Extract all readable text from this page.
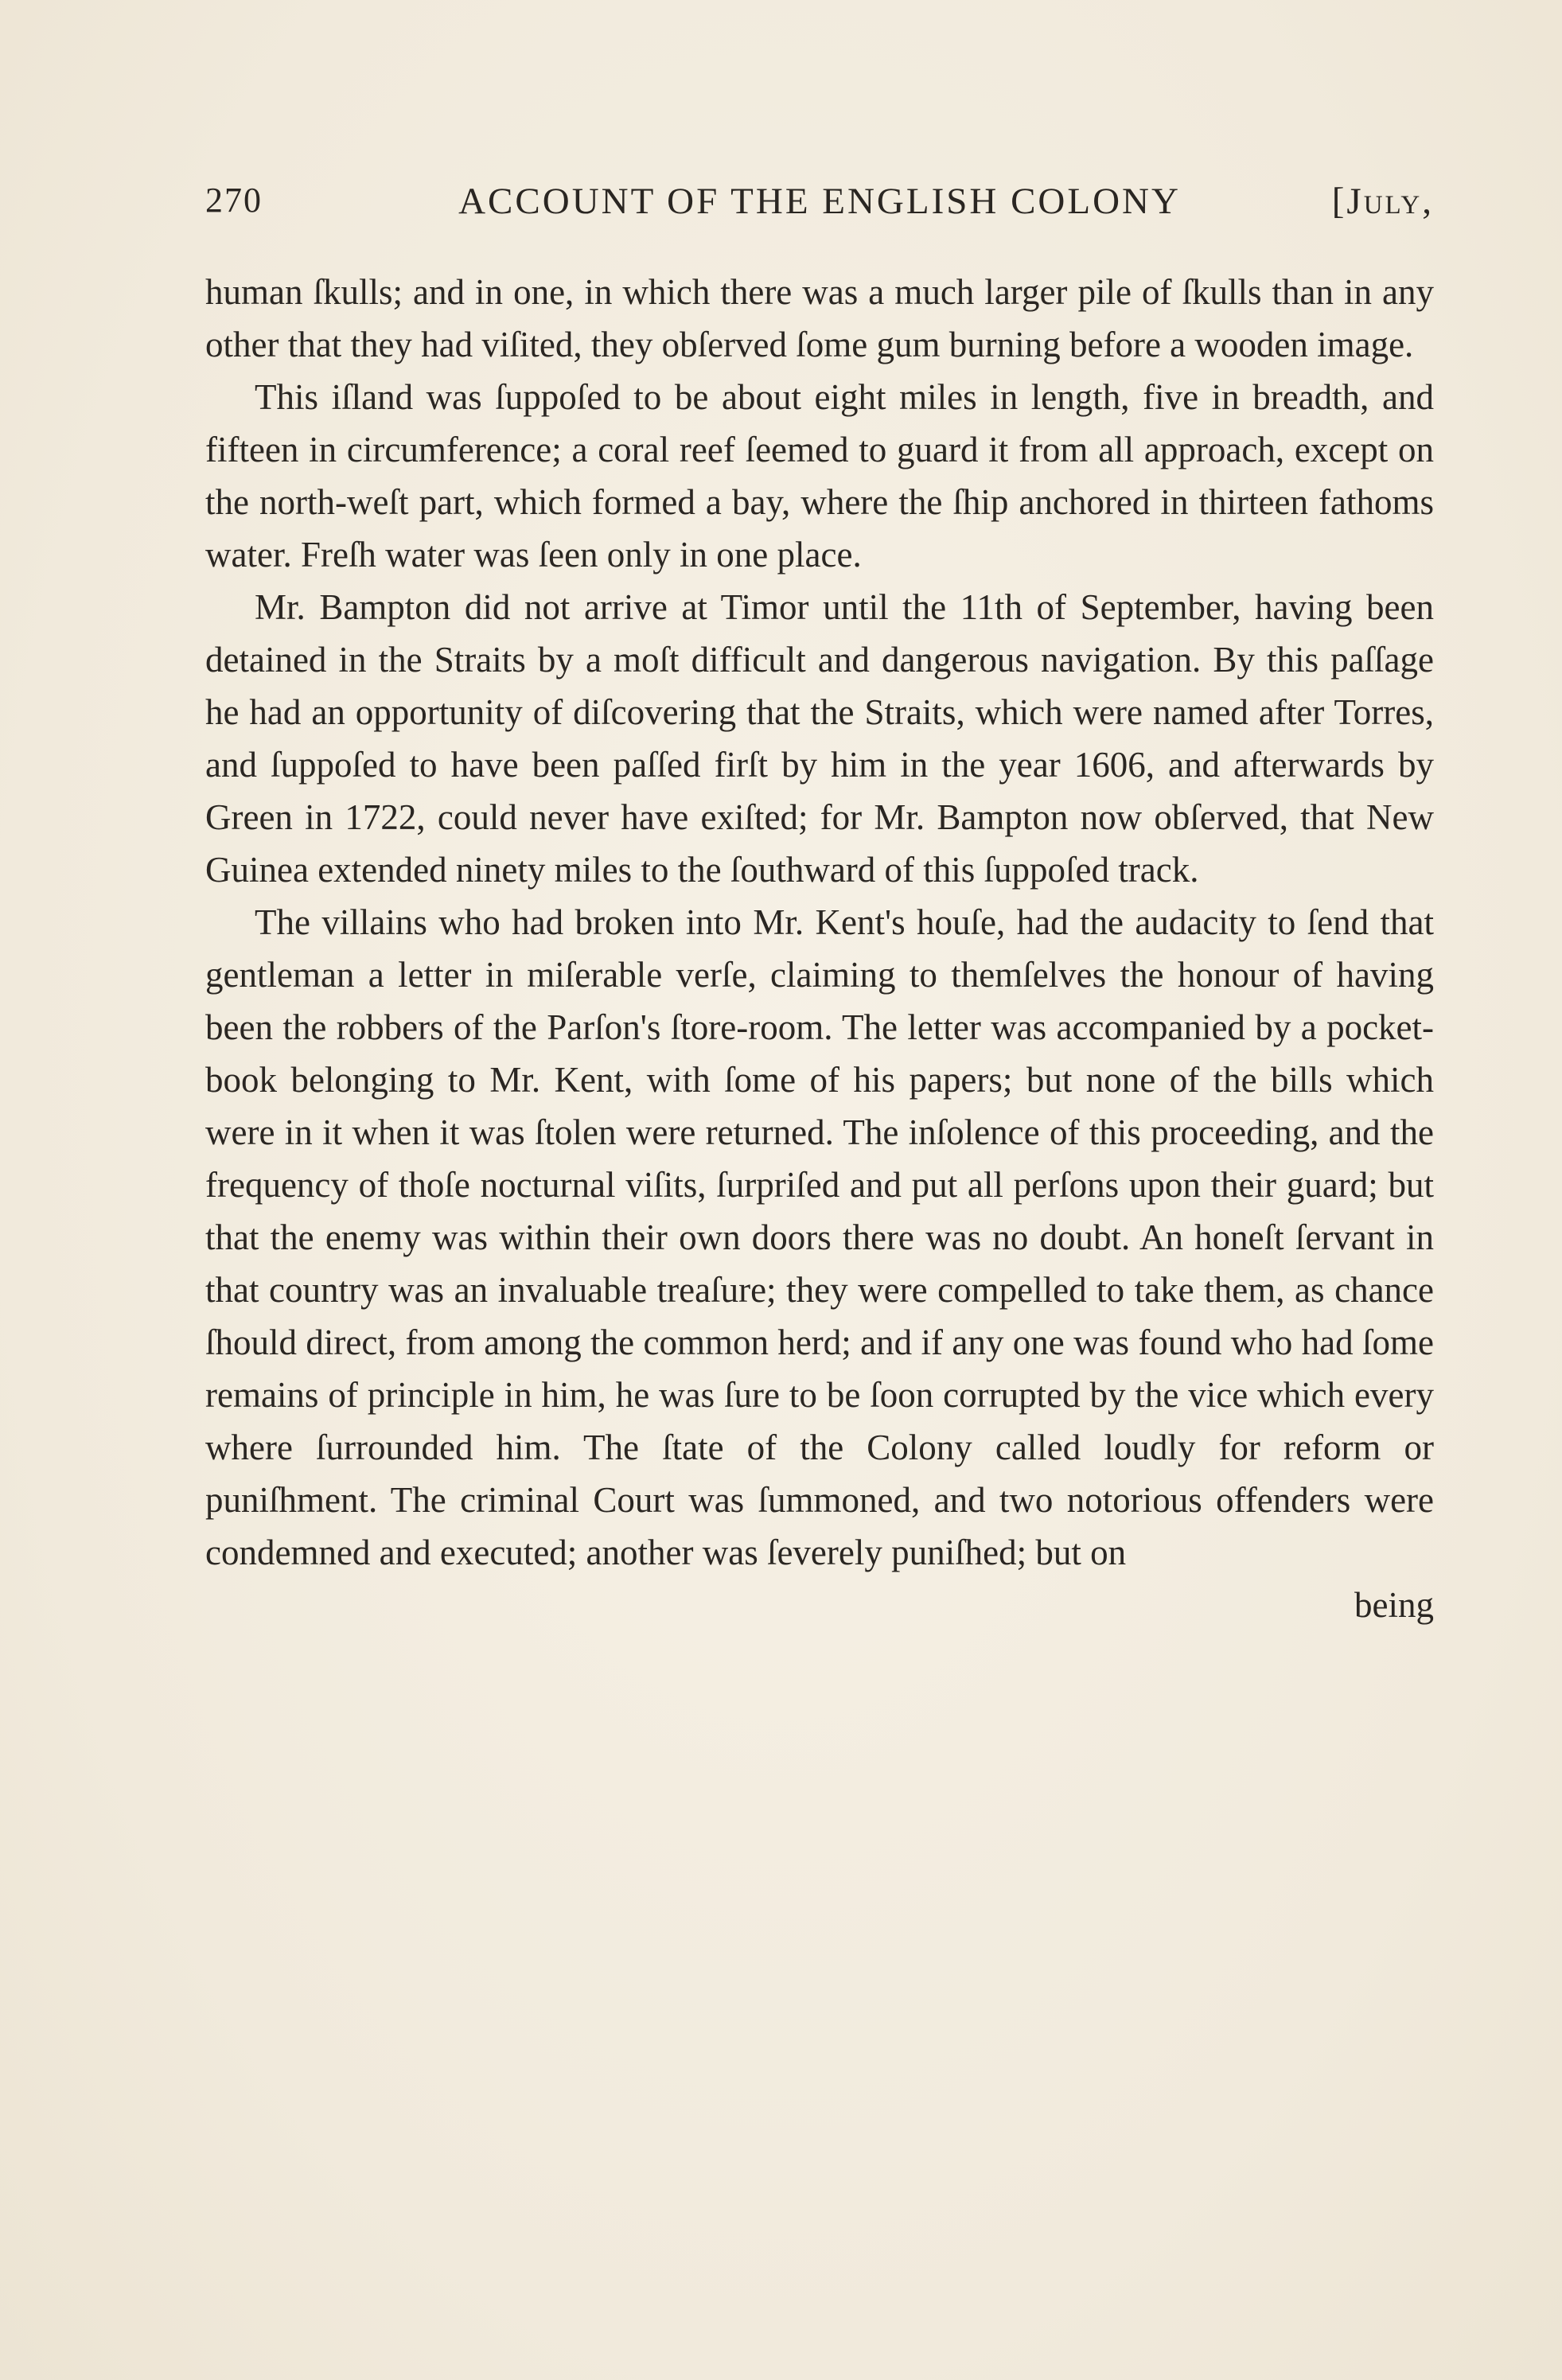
270	ACCOUNT OF THE ENGLISH COLONY	[July,

human ſkulls; and in one, in which there was a much larger pile of ſkulls than in any other that they had viſited, they obſerved ſome gum burning before a wooden image.

This iſland was ſuppoſed to be about eight miles in length, five in breadth, and fifteen in circumference; a coral reef ſeemed to guard it from all approach, except on the north-weſt part, which formed a bay, where the ſhip anchored in thirteen fathoms water. Freſh water was ſeen only in one place.

Mr. Bampton did not arrive at Timor until the 11th of September, having been detained in the Straits by a moſt difficult and dangerous navigation. By this paſſage he had an opportunity of diſcovering that the Straits, which were named after Torres, and ſuppoſed to have been paſſed firſt by him in the year 1606, and afterwards by Green in 1722, could never have exiſted; for Mr. Bampton now obſerved, that New Guinea extended ninety miles to the ſouthward of this ſuppoſed track.

The villains who had broken into Mr. Kent's houſe, had the audacity to ſend that gentleman a letter in miſerable verſe, claiming to themſelves the honour of having been the robbers of the Parſon's ſtore-room. The letter was accompanied by a pocket-book belonging to Mr. Kent, with ſome of his papers; but none of the bills which were in it when it was ſtolen were returned. The inſolence of this proceeding, and the frequency of thoſe nocturnal viſits, ſurpriſed and put all perſons upon their guard; but that the enemy was within their own doors there was no doubt. An honeſt ſervant in that country was an invaluable treaſure; they were compelled to take them, as chance ſhould direct, from among the common herd; and if any one was found who had ſome remains of principle in him, he was ſure to be ſoon corrupted by the vice which every where ſurrounded him. The ſtate of the Colony called loudly for reform or puniſhment. The criminal Court was ſummoned, and two notorious offenders were condemned and executed; another was ſeverely puniſhed; but on

being
